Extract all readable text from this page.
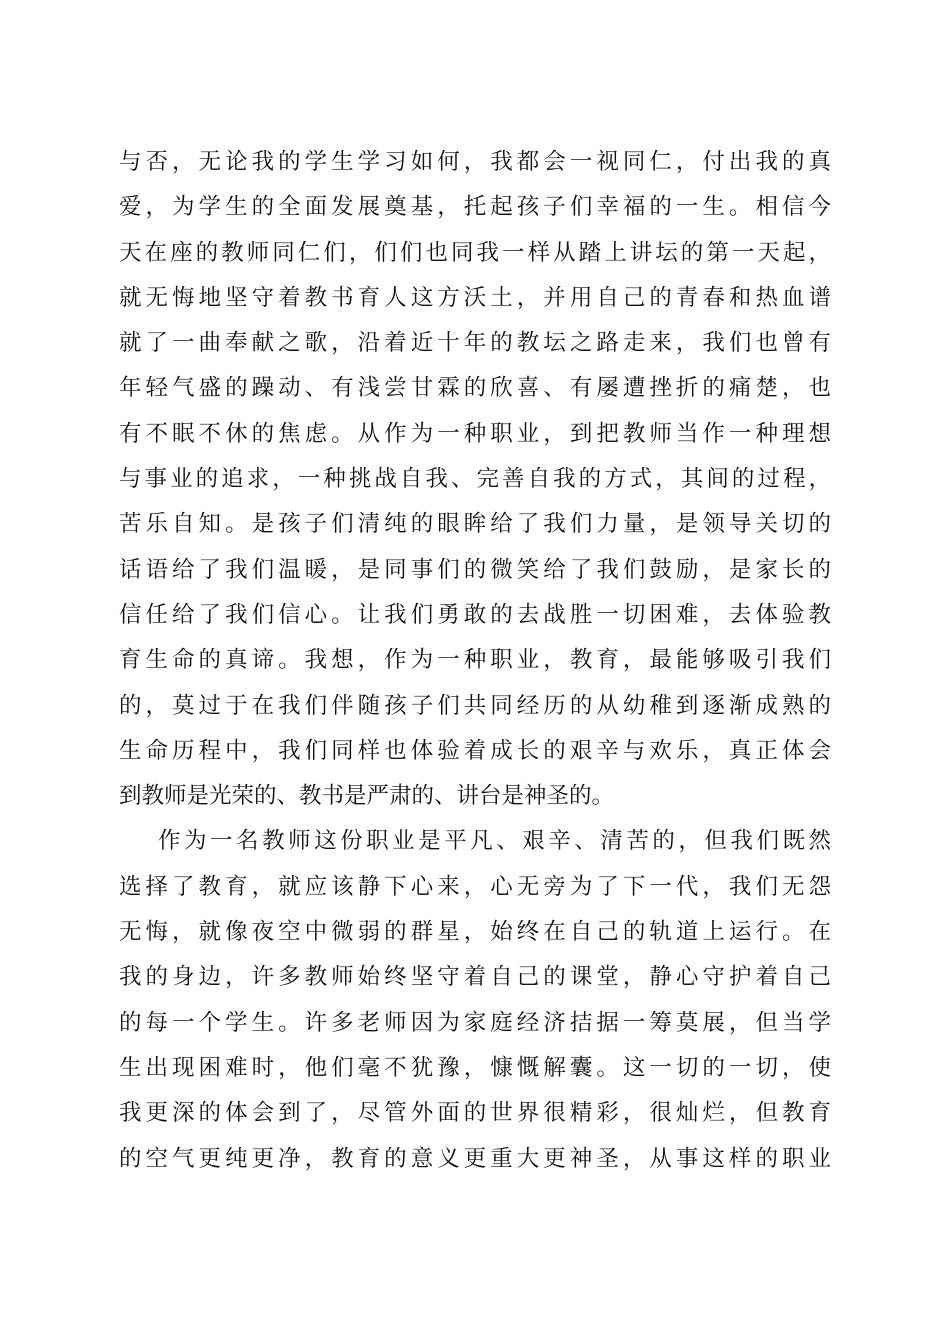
与否，无论我的学生学习如何，我都会一视同仁，付出我的真
爱，为学生的全面发展奠基，托起孩子们幸福的一生。相信今
天在座的教师同仁们，们们也同我一样从踏上讲坛的第一天起，
就无悔地坚守着教书育人这方沃土，并用自己的青春和热血谱
就了一曲奉献之歌，沿着近十年的教坛之路走来，我们也曾有
年轻气盛的躁动、有浅尝甘霖的欣喜、有屡遭挫折的痛楚，也
有不眠不休的焦虑。从作为一种职业，到把教师当作一种理想
与事业的追求，一种挑战自我、完善自我的方式，其间的过程，
苦乐自知。是孩子们清纯的眼眸给了我们力量，是领导关切的
话语给了我们温暖，是同事们的微笑给了我们鼓励，是家长的
信任给了我们信心。让我们勇敢的去战胜一切困难，去体验教
育生命的真谛。我想，作为一种职业，教育，最能够吸引我们
的，莫过于在我们伴随孩子们共同经历的从幼稚到逐渐成熟的
生命历程中，我们同样也体验着成长的艰辛与欢乐，真正体会
到教师是光荣的、教书是严肃的、讲台是神圣的。
作为一名教师这份职业是平凡、艰辛、清苦的，但我们既然
选择了教育，就应该静下心来，心无旁为了下一代，我们无怨
无悔，就像夜空中微弱的群星，始终在自己的轨道上运行。在
我的身边，许多教师始终坚守着自己的课堂，静心守护着自己
的每一个学生。许多老师因为家庭经济拮据一筹莫展，但当学
生出现困难时，他们毫不犹豫，慷慨解囊。这一切的一切，使
我更深的体会到了，尽管外面的世界很精彩，很灿烂，但教育
的空气更纯更净，教育的意义更重大更神圣，从事这样的职业
